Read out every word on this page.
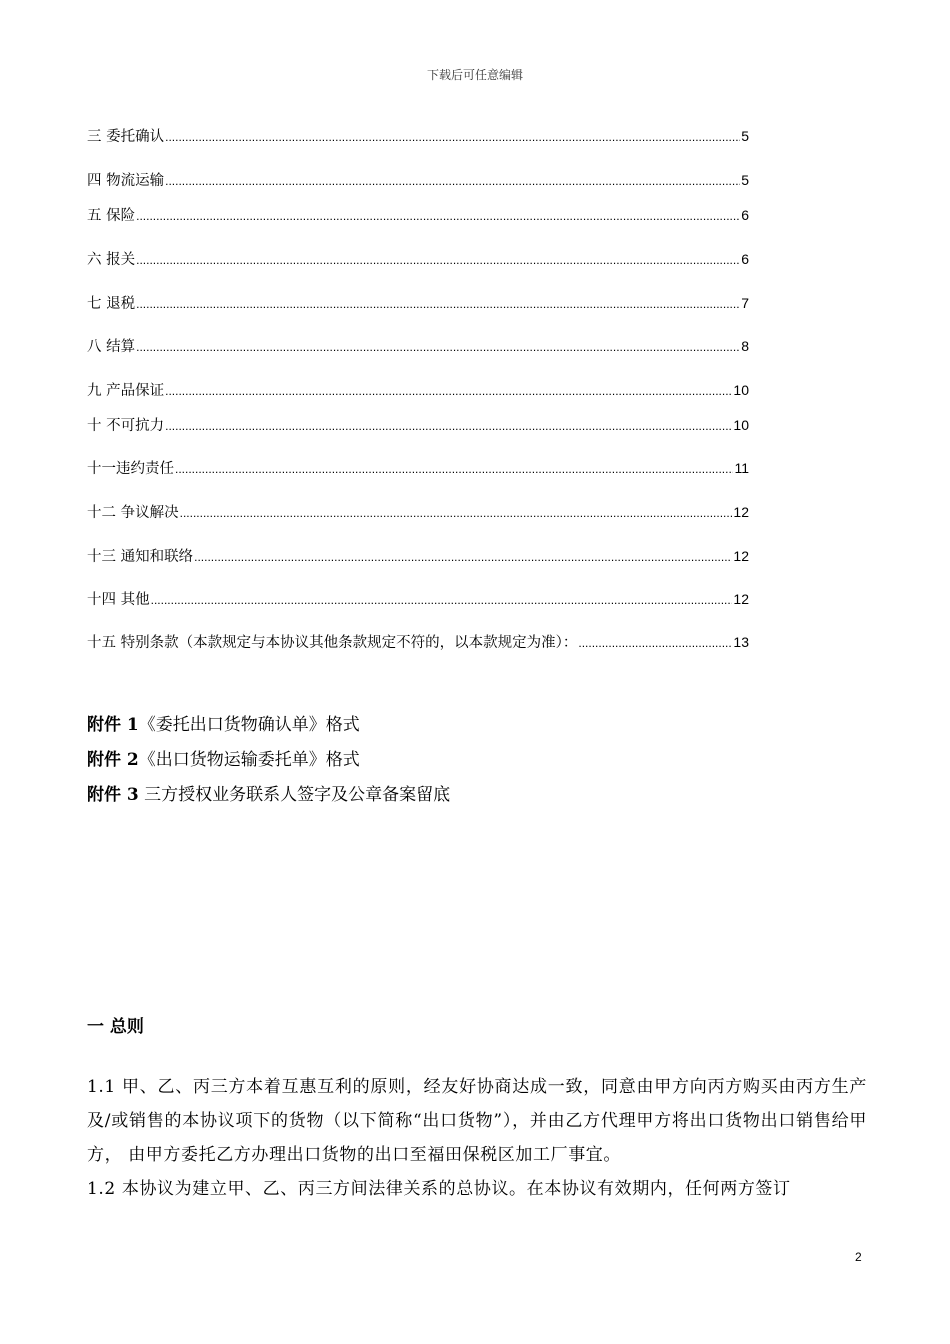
下载后可任意编辑
三 委托确认 .....	5
四 物流运输 .....	5
五 保险 .....	6
六 报关 .....	6
七 退税 .....	7
八 结算 .....	8
九 产品保证 .....	10
十 不可抗力 .....	10
十一违约责任 .....	11
十二 争议解决 .....	12
十三 通知和联络 .....	12
十四 其他 .....	12
十五 特别条款（本款规定与本协议其他条款规定不符的，以本款规定为准）： .....	13
附件 1《委托出口货物确认单》格式
附件 2《出口货物运输委托单》格式
附件 3 三方授权业务联系人签字及公章备案留底
一 总则

1.1 甲、乙、丙三方本着互惠互利的原则，经友好协商达成一致，同意由甲方向丙方购买由丙方生产及/或销售的本协议项下的货物（以下简称“出口货物”），并由乙方代理甲方将出口货物出口销售给甲方， 由甲方委托乙方办理出口货物的出口至福田保税区加工厂事宜。

1.2 本协议为建立甲、乙、丙三方间法律关系的总协议。在本协议有效期内，任何两方签订

2
